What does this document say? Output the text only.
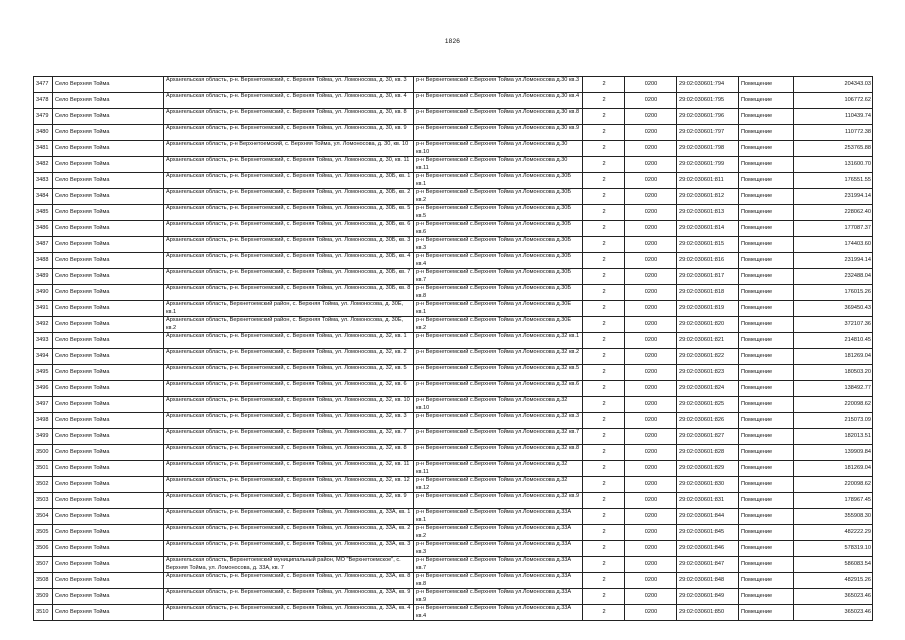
1826
3477	Село Верхняя Тойма	Архангельская область, р-н. Верхнетоемский, с. Верхняя Тойма, ул. Ломоносова, д. 30, кв. 3	р-н Верхнетоемский с.Верхняя Тойма ул.Ломоносова д.30 кв.3	2	0200	29:02:030601:794	Помещение	204343.03
3478	Село Верхняя Тойма	Архангельская область, р-н. Верхнетоемский, с. Верхняя Тойма, ул. Ломоносова, д. 30, кв. 4	р-н Верхнетоемский с.Верхняя Тойма ул.Ломоносова д.30 кв.4	2	0200	29:02:030601:795	Помещение	106772.62
3479	Село Верхняя Тойма	Архангельская область, р-н. Верхнетоемский, с. Верхняя Тойма, ул. Ломоносова, д. 30, кв. 8	р-н Верхнетоемский с.Верхняя Тойма ул.Ломоносова д.30 кв.8	2	0200	29:02:030601:796	Помещение	110439.74
3480	Село Верхняя Тойма	Архангельская область, р-н. Верхнетоемский, с. Верхняя Тойма, ул. Ломоносова, д. 30, кв. 9	р-н Верхнетоемский с.Верхняя Тойма ул.Ломоносова д.30 кв.9	2	0200	29:02:030601:797	Помещение	110772.38
3481	Село Верхняя Тойма	Архангельская область, р-н Верхнетоемский, с. Верхняя Тойма, ул. Ломоносова, д. 30, кв. 10	р-н Верхнетоемский с.Верхняя Тойма ул.Ломоносова д.30 кв.10	2	0200	29:02:030601:798	Помещение	253765.88
3482	Село Верхняя Тойма	Архангельская область, р-н. Верхнетоемский, с. Верхняя Тойма, ул. Ломоносова, д. 30, кв. 11	р-н Верхнетоемский с.Верхняя Тойма ул.Ломоносова д.30 кв.11	2	0200	29:02:030601:799	Помещение	131600.70
3483	Село Верхняя Тойма	Архангельская область, р-н. Верхнетоемский, с. Верхняя Тойма, ул. Ломоносова, д. 30Б, кв. 1	р-н Верхнетоемский с.Верхняя Тойма ул.Ломоносова д.30Б кв.1	2	0200	29:02:030601:811	Помещение	176551.55
3484	Село Верхняя Тойма	Архангельская область, р-н. Верхнетоемский, с. Верхняя Тойма, ул. Ломоносова, д. 30Б, кв. 2	р-н Верхнетоемский с.Верхняя Тойма ул.Ломоносова д.30Б кв.2	2	0200	29:02:030601:812	Помещение	231994.14
3485	Село Верхняя Тойма	Архангельская область, р-н. Верхнетоемский, с. Верхняя Тойма, ул. Ломоносова, д. 30Б, кв. 5	р-н Верхнетоемский с.Верхняя Тойма ул.Ломоносова д.30Б кв.5	2	0200	29:02:030601:813	Помещение	228062.40
3486	Село Верхняя Тойма	Архангельская область, р-н. Верхнетоемский, с. Верхняя Тойма, ул. Ломоносова, д. 30Б, кв. 6	р-н Верхнетоемский с.Верхняя Тойма ул.Ломоносова д.30Б кв.6	2	0200	29:02:030601:814	Помещение	177087.37
3487	Село Верхняя Тойма	Архангельская область, р-н. Верхнетоемский, с. Верхняя Тойма, ул. Ломоносова, д. 30Б, кв. 3	р-н Верхнетоемский с.Верхняя Тойма ул.Ломоносова д.30Б кв.3	2	0200	29:02:030601:815	Помещение	174403.60
3488	Село Верхняя Тойма	Архангельская область, р-н. Верхнетоемский, с. Верхняя Тойма, ул. Ломоносова, д. 30Б, кв. 4	р-н Верхнетоемский с.Верхняя Тойма ул.Ломоносова д.30Б кв.4	2	0200	29:02:030601:816	Помещение	231994.14
3489	Село Верхняя Тойма	Архангельская область, р-н. Верхнетоемский, с. Верхняя Тойма, ул. Ломоносова, д. 30Б, кв. 7	р-н Верхнетоемский с.Верхняя Тойма ул.Ломоносова д.30Б кв.7	2	0200	29:02:030601:817	Помещение	232488.04
3490	Село Верхняя Тойма	Архангельская область, р-н. Верхнетоемский, с. Верхняя Тойма, ул. Ломоносова, д. 30Б, кв. 8	р-н Верхнетоемский с.Верхняя Тойма ул.Ломоносова д.30Б кв.8	2	0200	29:02:030601:818	Помещение	176015.26
3491	Село Верхняя Тойма	Архангельская область, Верхнетоемский район, с. Верхняя Тойма, ул. Ломоносова, д. 30Е, кв.1	р-н Верхнетоемский с.Верхняя Тойма ул.Ломоносова д.30Е кв.1	2	0200	29:02:030601:819	Помещение	369450.43
3492	Село Верхняя Тойма	Архангельская область, Верхнетоемский район, с. Верхняя Тойма, ул. Ломоносова, д. 30Е, кв.2	р-н Верхнетоемский с.Верхняя Тойма ул.Ломоносова д.30Е кв.2	2	0200	29:02:030601:820	Помещение	372107.36
3493	Село Верхняя Тойма	Архангельская область, р-н. Верхнетоемский, с. Верхняя Тойма, ул. Ломоносова, д. 32, кв. 1	р-н Верхнетоемский с.Верхняя Тойма ул.Ломоносова д.32 кв.1	2	0200	29:02:030601:821	Помещение	214810.45
3494	Село Верхняя Тойма	Архангельская область, р-н. Верхнетоемский, с. Верхняя Тойма, ул. Ломоносова, д. 32, кв. 2	р-н Верхнетоемский с.Верхняя Тойма ул.Ломоносова д.32 кв.2	2	0200	29:02:030601:822	Помещение	181269.04
3495	Село Верхняя Тойма	Архангельская область, р-н. Верхнетоемский, с. Верхняя Тойма, ул. Ломоносова, д. 32, кв. 5	р-н Верхнетоемский с.Верхняя Тойма ул.Ломоносова д.32 кв.5	2	0200	29:02:030601:823	Помещение	180503.20
3496	Село Верхняя Тойма	Архангельская область, р-н. Верхнетоемский, с. Верхняя Тойма, ул. Ломоносова, д. 32, кв. 6	р-н Верхнетоемский с.Верхняя Тойма ул.Ломоносова д.32 кв.6	2	0200	29:02:030601:824	Помещение	138492.77
3497	Село Верхняя Тойма	Архангельская область, р-н. Верхнетоемский, с. Верхняя Тойма, ул. Ломоносова, д. 32, кв. 10	р-н Верхнетоемский с.Верхняя Тойма ул.Ломоносова д.32 кв.10	2	0200	29:02:030601:825	Помещение	220098.62
3498	Село Верхняя Тойма	Архангельская область, р-н. Верхнетоемский, с. Верхняя Тойма, ул. Ломоносова, д. 32, кв. 3	р-н Верхнетоемский с.Верхняя Тойма ул.Ломоносова д.32 кв.3	2	0200	29:02:030601:826	Помещение	215073.09
3499	Село Верхняя Тойма	Архангельская область, р-н. Верхнетоемский, с. Верхняя Тойма, ул. Ломоносова, д. 32, кв. 7	р-н Верхнетоемский с.Верхняя Тойма ул.Ломоносова д.32 кв.7	2	0200	29:02:030601:827	Помещение	182013.51
3500	Село Верхняя Тойма	Архангельская область, р-н. Верхнетоемский, с. Верхняя Тойма, ул. Ломоносова, д. 32, кв. 8	р-н Верхнетоемский с.Верхняя Тойма ул.Ломоносова д.32 кв.8	2	0200	29:02:030601:828	Помещение	139909.84
3501	Село Верхняя Тойма	Архангельская область, р-н. Верхнетоемский, с. Верхняя Тойма, ул. Ломоносова, д. 32, кв. 11	р-н Верхнетоемский с.Верхняя Тойма ул.Ломоносова д.32 кв.11	2	0200	29:02:030601:829	Помещение	181269.04
3502	Село Верхняя Тойма	Архангельская область, р-н. Верхнетоемский, с. Верхняя Тойма, ул. Ломоносова, д. 32, кв. 12	р-н Верхнетоемский с.Верхняя Тойма ул.Ломоносова д.32 кв.12	2	0200	29:02:030601:830	Помещение	220098.62
3503	Село Верхняя Тойма	Архангельская область, р-н. Верхнетоемский, с. Верхняя Тойма, ул. Ломоносова, д. 32, кв. 9	р-н Верхнетоемский с.Верхняя Тойма ул.Ломоносова д.32 кв.9	2	0200	29:02:030601:831	Помещение	178967.45
3504	Село Верхняя Тойма	Архангельская область, р-н. Верхнетоемский, с. Верхняя Тойма, ул. Ломоносова, д. 33А, кв. 1	р-н Верхнетоемский с.Верхняя Тойма ул.Ломоносова д.33А кв.1	2	0200	29:02:030601:844	Помещение	355908.30
3505	Село Верхняя Тойма	Архангельская область, р-н. Верхнетоемский, с. Верхняя Тойма, ул. Ломоносова, д. 33А, кв. 2	р-н Верхнетоемский с.Верхняя Тойма ул.Ломоносова д.33А кв.2	2	0200	29:02:030601:845	Помещение	482222.29
3506	Село Верхняя Тойма	Архангельская область, р-н. Верхнетоемский, с. Верхняя Тойма, ул. Ломоносова, д. 33А, кв. 3	р-н Верхнетоемский с.Верхняя Тойма ул.Ломоносова д.33А кв.3	2	0200	29:02:030601:846	Помещение	578319.10
3507	Село Верхняя Тойма	Архангельская область, Верхнетоемский муниципальный район, МО "Верхнетоемское", с. Верхняя Тойма, ул. Ломоносова, д. 33А, кв. 7	р-н Верхнетоемский с.Верхняя Тойма ул.Ломоносова д.33А кв.7	2	0200	29:02:030601:847	Помещение	586083.54
3508	Село Верхняя Тойма	Архангельская область, р-н. Верхнетоемский, с. Верхняя Тойма, ул. Ломоносова, д. 33А, кв. 8	р-н Верхнетоемский с.Верхняя Тойма ул.Ломоносова д.33А кв.8	2	0200	29:02:030601:848	Помещение	482915.26
3509	Село Верхняя Тойма	Архангельская область, р-н. Верхнетоемский, с. Верхняя Тойма, ул. Ломоносова, д. 33А, кв. 9	р-н Верхнетоемский с.Верхняя Тойма ул.Ломоносова д.33А кв.9	2	0200	29:02:030601:849	Помещение	365023.46
3510	Село Верхняя Тойма	Архангельская область, р-н. Верхнетоемский, с. Верхняя Тойма, ул. Ломоносова, д. 33А, кв. 4	р-н Верхнетоемский с.Верхняя Тойма ул.Ломоносова д.33А кв.4	2	0200	29:02:030601:850	Помещение	365023.46
